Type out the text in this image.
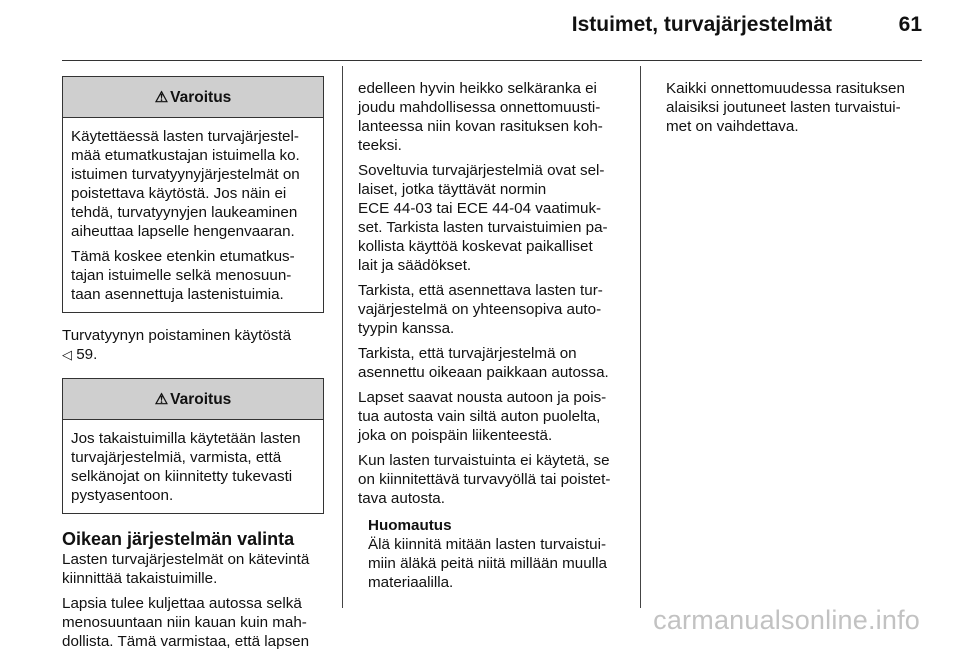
Istuimet, turvajärjestelmät	61
⚠ Varoitus

Käytettäessä lasten turvajärjestel-
mää etumatkustajan istuimella ko.
istuimen turvatyynyjärjestelmät on
poistettava käytöstä. Jos näin ei
tehdä, turvatyynyjen laukeaminen
aiheuttaa lapselle hengenvaaran.

Tämä koskee etenkin etumatkus-
tajan istuimelle selkä menosuun-
taan asennettuja lastenistuimia.

Turvatyynyn poistaminen käytöstä
◁ 59.
⚠ Varoitus

Jos takaistuimilla käytetään lasten
turvajärjestelmiä, varmista, että
selkänojat on kiinnitetty tukevasti
pystyasentoon.

Oikean järjestelmän valinta

Lasten turvajärjestelmät on kätevintä
kiinnittää takaistuimille.

Lapsia tulee kuljettaa autossa selkä
menosuuntaan niin kauan kuin mah-
dollista. Tämä varmistaa, että lapsen

edelleen hyvin heikko selkäranka ei
joudu mahdollisessa onnettomuusti-
lanteessa niin kovan rasituksen koh-
teeksi.

Soveltuvia turvajärjestelmiä ovat sel-
laiset, jotka täyttävät normin
ECE 44-03 tai ECE 44-04 vaatimuk-
set. Tarkista lasten turvaistuimien pa-
kollista käyttöä koskevat paikalliset
lait ja säädökset.

Tarkista, että asennettava lasten tur-
vajärjestelmä on yhteensopiva auto-
tyypin kanssa.

Tarkista, että turvajärjestelmä on
asennettu oikeaan paikkaan autossa.

Lapset saavat nousta autoon ja pois-
tua autosta vain siltä auton puolelta,
joka on poispäin liikenteestä.

Kun lasten turvaistuinta ei käytetä, se
on kiinnitettävä turvavyöllä tai poistet-
tava autosta.

Huomautus
Älä kiinnitä mitään lasten turvaistui-
miin äläkä peitä niitä millään muulla
materiaalilla.

Kaikki onnettomuudessa rasituksen
alaisiksi joutuneet lasten turvaistui-
met on vaihdettava.

carmanualsonline.info
